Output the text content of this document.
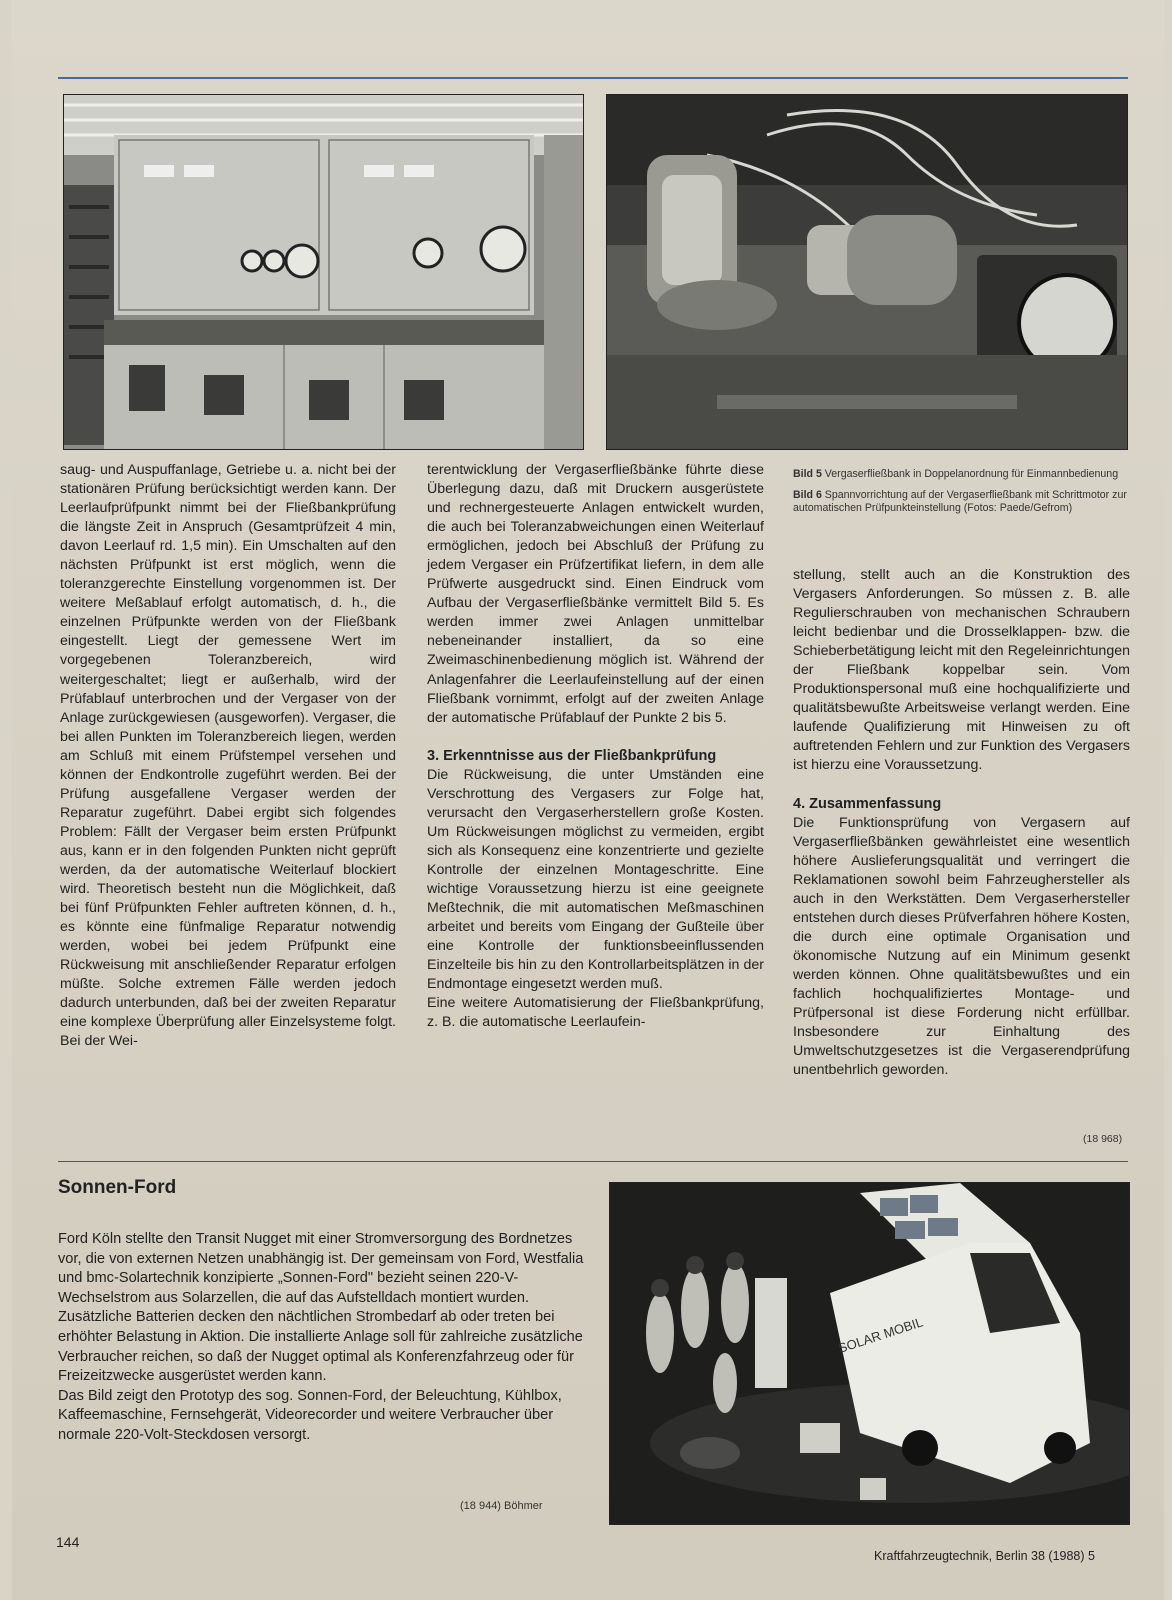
Bild 5 Vergaserfließbank in Doppelanordnung für Einmannbedienung

Bild 6 Spannvorrichtung auf der Vergaserfließbank mit Schrittmotor zur automatischen Prüfpunkteinstellung (Fotos: Paede/Gefrom)

saug- und Auspuffanlage, Getriebe u. a. nicht bei der stationären Prüfung berücksichtigt werden kann. Der Leerlaufprüfpunkt nimmt bei der Fließbankprüfung die längste Zeit in Anspruch (Gesamtprüfzeit 4 min, davon Leerlauf rd. 1,5 min). Ein Umschalten auf den nächsten Prüfpunkt ist erst möglich, wenn die toleranzgerechte Einstellung vorgenommen ist. Der weitere Meßablauf erfolgt automatisch, d. h., die einzelnen Prüfpunkte werden von der Fließbank eingestellt. Liegt der gemessene Wert im vorgegebenen Toleranzbereich, wird weitergeschaltet; liegt er außerhalb, wird der Prüfablauf unterbrochen und der Vergaser von der Anlage zurückgewiesen (ausgeworfen). Vergaser, die bei allen Punkten im Toleranzbereich liegen, werden am Schluß mit einem Prüfstempel versehen und können der Endkontrolle zugeführt werden. Bei der Prüfung ausgefallene Vergaser werden der Reparatur zugeführt. Dabei ergibt sich folgendes Problem: Fällt der Vergaser beim ersten Prüfpunkt aus, kann er in den folgenden Punkten nicht geprüft werden, da der automatische Weiterlauf blockiert wird. Theoretisch besteht nun die Möglichkeit, daß bei fünf Prüfpunkten Fehler auftreten können, d. h., es könnte eine fünfmalige Reparatur notwendig werden, wobei bei jedem Prüfpunkt eine Rückweisung mit anschließender Reparatur erfolgen müßte. Solche extremen Fälle werden jedoch dadurch unterbunden, daß bei der zweiten Reparatur eine komplexe Überprüfung aller Einzelsysteme folgt. Bei der Wei-

terentwicklung der Vergaserfließbänke führte diese Überlegung dazu, daß mit Druckern ausgerüstete und rechnergesteuerte Anlagen entwickelt wurden, die auch bei Toleranzabweichungen einen Weiterlauf ermöglichen, jedoch bei Abschluß der Prüfung zu jedem Vergaser ein Prüfzertifikat liefern, in dem alle Prüfwerte ausgedruckt sind. Einen Eindruck vom Aufbau der Vergaserfließbänke vermittelt Bild 5. Es werden immer zwei Anlagen unmittelbar nebeneinander installiert, da so eine Zweimaschinenbedienung möglich ist. Während der Anlagenfahrer die Leerlaufeinstellung auf der einen Fließbank vornimmt, erfolgt auf der zweiten Anlage der automatische Prüfablauf der Punkte 2 bis 5.

3. Erkenntnisse aus der Fließbankprüfung

Die Rückweisung, die unter Umständen eine Verschrottung des Vergasers zur Folge hat, verursacht den Vergaserherstellern große Kosten. Um Rückweisungen möglichst zu vermeiden, ergibt sich als Konsequenz eine konzentrierte und gezielte Kontrolle der einzelnen Montageschritte. Eine wichtige Voraussetzung hierzu ist eine geeignete Meßtechnik, die mit automatischen Meßmaschinen arbeitet und bereits vom Eingang der Gußteile über eine Kontrolle der funktionsbeeinflussenden Einzelteile bis hin zu den Kontrollarbeitsplätzen in der Endmontage eingesetzt werden muß.

Eine weitere Automatisierung der Fließbankprüfung, z. B. die automatische Leerlaufein-

stellung, stellt auch an die Konstruktion des Vergasers Anforderungen. So müssen z. B. alle Regulierschrauben von mechanischen Schraubern leicht bedienbar und die Drosselklappen- bzw. die Schieberbetätigung leicht mit den Regeleinrichtungen der Fließbank koppelbar sein. Vom Produktionspersonal muß eine hochqualifizierte und qualitätsbewußte Arbeitsweise verlangt werden. Eine laufende Qualifizierung mit Hinweisen zu oft auftretenden Fehlern und zur Funktion des Vergasers ist hierzu eine Voraussetzung.

4. Zusammenfassung

Die Funktionsprüfung von Vergasern auf Vergaserfließbänken gewährleistet eine wesentlich höhere Auslieferungsqualität und verringert die Reklamationen sowohl beim Fahrzeughersteller als auch in den Werkstätten. Dem Vergaserhersteller entstehen durch dieses Prüfverfahren höhere Kosten, die durch eine optimale Organisation und ökonomische Nutzung auf ein Minimum gesenkt werden können. Ohne qualitätsbewußtes und ein fachlich hochqualifiziertes Montage- und Prüfpersonal ist diese Forderung nicht erfüllbar. Insbesondere zur Einhaltung des Umweltschutzgesetzes ist die Vergaserendprüfung unentbehrlich geworden.

(18 968)
Sonnen-Ford

Ford Köln stellte den Transit Nugget mit einer Stromversorgung des Bordnetzes vor, die von externen Netzen unabhängig ist. Der gemeinsam von Ford, Westfalia und bmc-Solartechnik konzipierte „Sonnen-Ford" bezieht seinen 220-V-Wechselstrom aus Solarzellen, die auf das Aufstelldach montiert wurden. Zusätzliche Batterien decken den nächtlichen Strombedarf ab oder treten bei erhöhter Belastung in Aktion. Die installierte Anlage soll für zahlreiche zusätzliche Verbraucher reichen, so daß der Nugget optimal als Konferenzfahrzeug oder für Freizeitzwecke ausgerüstet werden kann.

Das Bild zeigt den Prototyp des sog. Sonnen-Ford, der Beleuchtung, Kühlbox, Kaffeemaschine, Fernsehgerät, Videorecorder und weitere Verbraucher über normale 220-Volt-Steckdosen versorgt.

(18 944) Böhmer
SOLAR MOBIL
144
Kraftfahrzeugtechnik, Berlin 38 (1988) 5
